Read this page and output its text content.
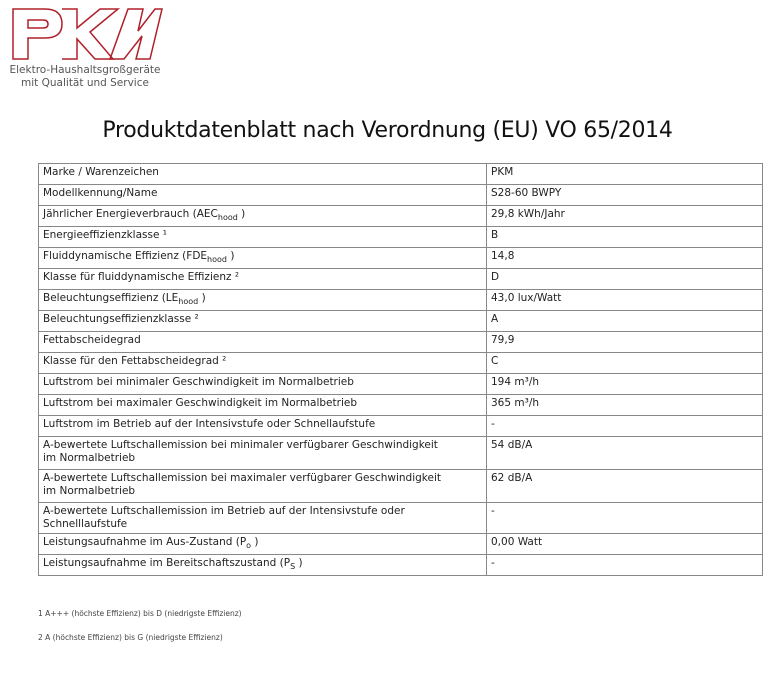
Elektro-Haushaltsgroßgeräte
mit Qualität und Service
Produktdatenblatt nach Verordnung (EU) VO 65/2014
Marke / Warenzeichen	PKM
Modellkennung/Name	S28-60 BWPY
Jährlicher Energieverbrauch ($AEC_{hood}$ )	29,8 kWh/Jahr
Energieeffizienzklasse ¹	B
Fluiddynamische Effizienz ($FDE_{hood}$ )	14,8
Klasse für fluiddynamische Effizienz ²	D
Beleuchtungseffizienz ($LE_{hood}$ )	43,0 lux/Watt
Beleuchtungseffizienzklasse ²	A
Fettabscheidegrad	79,9
Klasse für den Fettabscheidegrad ²	C
Luftstrom bei minimaler Geschwindigkeit im Normalbetrieb	194 m³/h
Luftstrom bei maximaler Geschwindigkeit im Normalbetrieb	365 m³/h
Luftstrom im Betrieb auf der Intensivstufe oder Schnellaufstufe	-
A-bewertete Luftschallemission bei minimaler verfügbarer Geschwindigkeit
im Normalbetrieb	54 dB/A
A-bewertete Luftschallemission bei maximaler verfügbarer Geschwindigkeit
im Normalbetrieb	62 dB/A
A-bewertete Luftschallemission im Betrieb auf der Intensivstufe oder Schnelllaufstufe	-
Leistungsaufnahme im Aus-Zustand ($P_o$ )	0,00 Watt
Leistungsaufnahme im Bereitschaftszustand ($P_S$ )	-
1 A+++ (höchste Effizienz) bis D (niedrigste Effizienz)
2 A (höchste Effizienz) bis G (niedrigste Effizienz)
